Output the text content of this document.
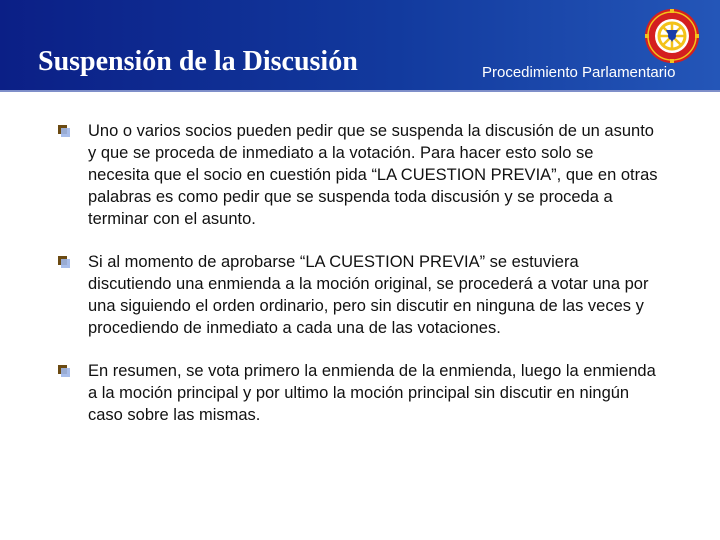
Suspensión de la Discusión	Procedimiento Parlamentario
Uno o varios socios pueden pedir que se suspenda la discusión de un asunto y que se proceda de inmediato a la votación. Para hacer esto solo se necesita que el socio en cuestión pida “LA CUESTION PREVIA”, que en otras palabras es como pedir que se suspenda toda discusión y se proceda a terminar con el asunto.
Si al momento de aprobarse “LA CUESTION PREVIA” se estuviera discutiendo una enmienda a la moción original, se procederá a votar una por una siguiendo el orden ordinario, pero sin discutir en ninguna de las veces y procediendo de inmediato a cada una de las votaciones.
En resumen, se vota primero la enmienda de la enmienda, luego la enmienda a la moción principal y por ultimo la moción principal sin discutir en ningún caso sobre las mismas.
